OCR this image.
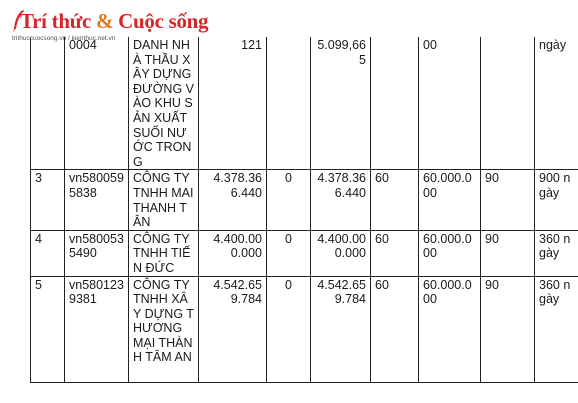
Trí thức & Cuộc sống
trithuccuocsong.vn / kienthuc.net.vn
	0004	DANH NHÀ THẦU XÂY DỰNG ĐƯỜNG VÀO KHU SẢN XUẤT SUỐI NƯỚC TRONG	121		5.099,665		00		ngày
3	vn5800595838	CÔNG TY TNHH MAI THANH TÂN	4.378.366.440	0	4.378.366.440	60	60.000.000	90	900 ngày
4	vn5800535490	CÔNG TY TNHH TIẾN ĐỨC	4.400.000.000	0	4.400.000.000	60	60.000.000	90	360 ngày
5	vn5801239381	CÔNG TY TNHH XÂY DỰNG THƯƠNG MẠI THÀNH TÂM AN	4.542.659.784	0	4.542.659.784	60	60.000.000	90	360 ngày
